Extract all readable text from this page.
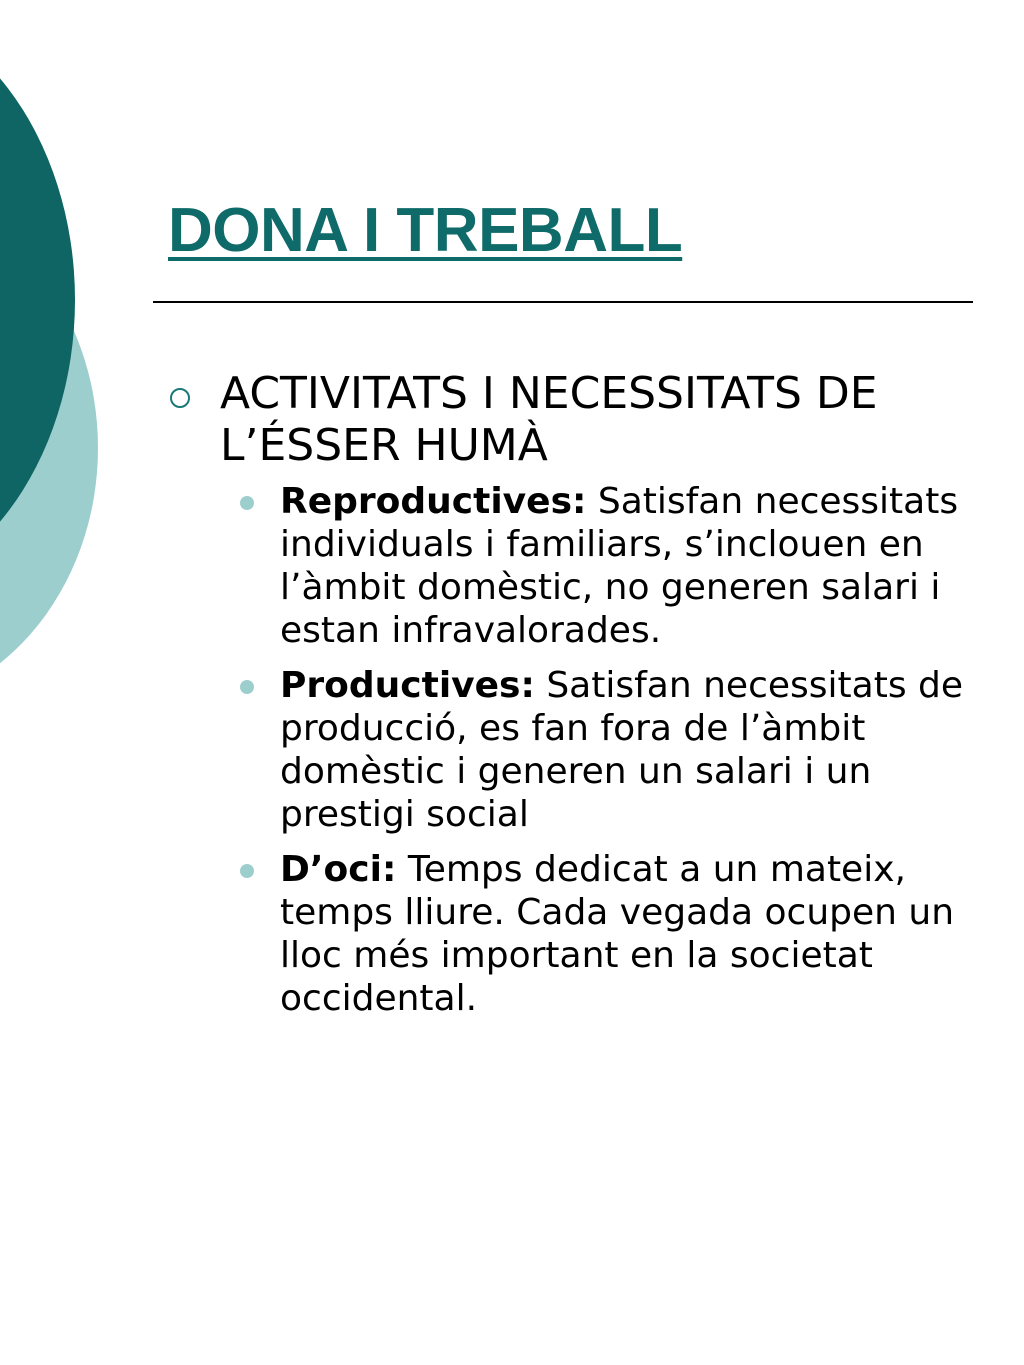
DONA I TREBALL
ACTIVITATS I NECESSITATS DE L’ÉSSER HUMÀ
Reproductives: Satisfan necessitats individuals i familiars, s’inclouen en l’àmbit domèstic, no generen salari i estan infravalorades.
Productives: Satisfan necessitats de producció, es fan fora de l’àmbit domèstic i generen un salari i un prestigi social
D’oci: Temps dedicat a un mateix, temps lliure. Cada vegada ocupen un lloc més important en la societat occidental.
